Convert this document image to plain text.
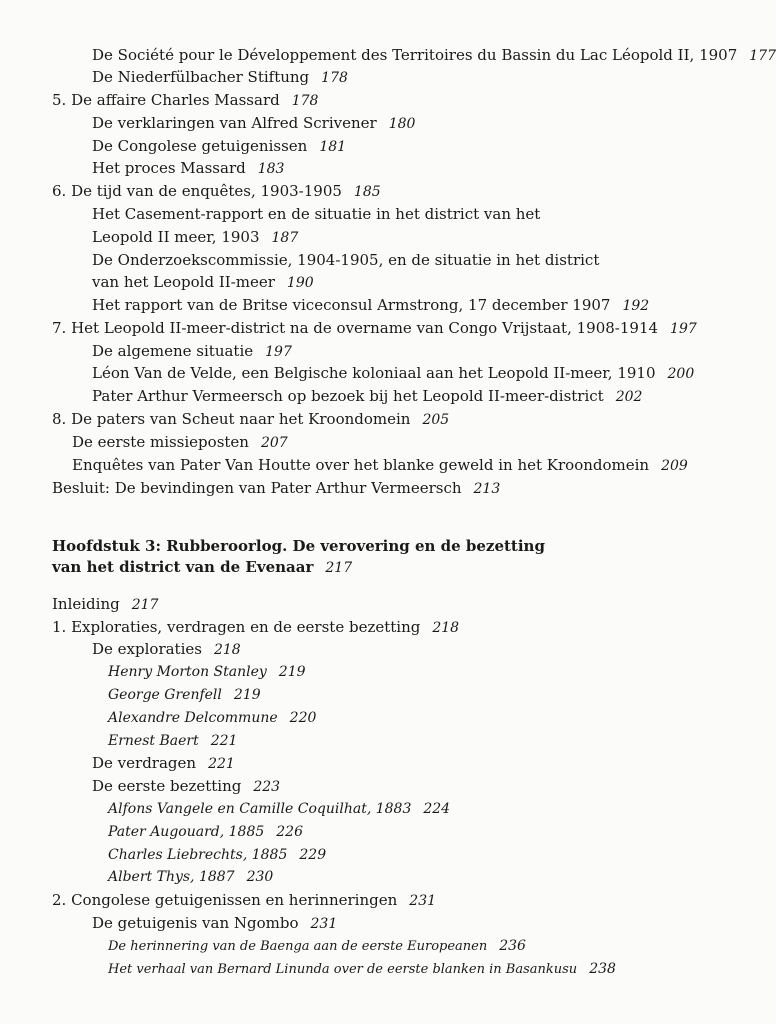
De Société pour le Développement des Territoires du Bassin du Lac Léopold II, 1907 177
De Niederfülbacher Stiftung 178
5. De affaire Charles Massard 178
De verklaringen van Alfred Scrivener 180
De Congolese getuigenissen 181
Het proces Massard 183
6. De tijd van de enquêtes, 1903-1905 185
Het Casement-rapport en de situatie in het district van het
Leopold II meer, 1903 187
De Onderzoekscommissie, 1904-1905, en de situatie in het district
van het Leopold II-meer 190
Het rapport van de Britse viceconsul Armstrong, 17 december 1907 192
7. Het Leopold II-meer-district na de overname van Congo Vrijstaat, 1908-1914 197
De algemene situatie 197
Léon Van de Velde, een Belgische koloniaal aan het Leopold II-meer, 1910 200
Pater Arthur Vermeersch op bezoek bij het Leopold II-meer-district 202
8. De paters van Scheut naar het Kroondomein 205
De eerste missieposten 207
Enquêtes van Pater Van Houtte over het blanke geweld in het Kroondomein 209
Besluit: De bevindingen van Pater Arthur Vermeersch 213
Hoofdstuk 3: Rubberoorlog. De verovering en de bezetting
van het district van de Evenaar 217
Inleiding 217
1. Exploraties, verdragen en de eerste bezetting 218
De exploraties 218
Henry Morton Stanley 219
George Grenfell 219
Alexandre Delcommune 220
Ernest Baert 221
De verdragen 221
De eerste bezetting 223
Alfons Vangele en Camille Coquilhat, 1883 224
Pater Augouard, 1885 226
Charles Liebrechts, 1885 229
Albert Thys, 1887 230
2. Congolese getuigenissen en herinneringen 231
De getuigenis van Ngombo 231
De herinnering van de Baenga aan de eerste Europeanen 236
Het verhaal van Bernard Linunda over de eerste blanken in Basankusu 238
